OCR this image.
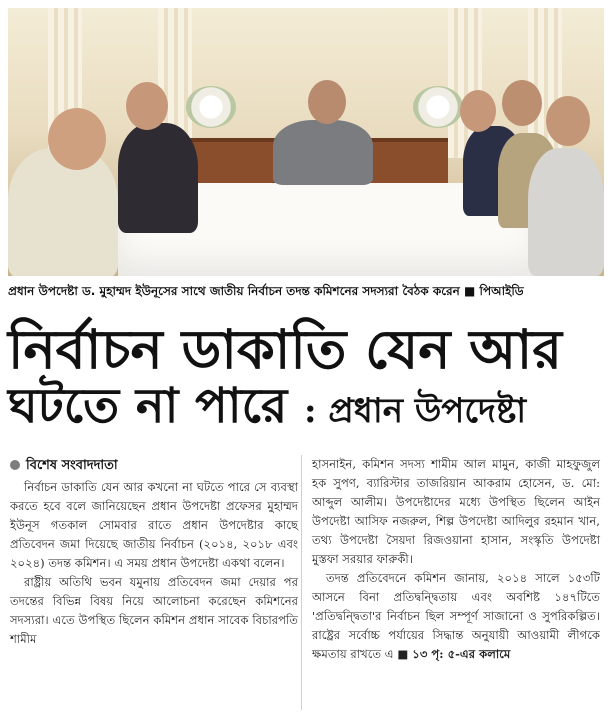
প্রধান উপদেষ্টা ড. মুহাম্মদ ইউনূসের সাথে জাতীয় নির্বাচন তদন্ত কমিশনের সদস্যরা বৈঠক করেন ■ পিআইডি
নির্বাচন ডাকাতি যেন আর
ঘটতে না পারে : প্রধান উপদেষ্টা
বিশেষ সংবাদদাতা

নির্বাচন ডাকাতি যেন আর কখনো না ঘটতে পারে সে ব্যবস্থা করতে হবে বলে জানিয়েছেন প্রধান উপদেষ্টা প্রফেসর মুহাম্মদ ইউনূস গতকাল সোমবার রাতে প্রধান উপদেষ্টার কাছে প্রতিবেদন জমা দিয়েছে জাতীয় নির্বাচন (২০১৪, ২০১৮ এবং ২০২৪) তদন্ত কমিশন। এ সময় প্রধান উপদেষ্টা একথা বলেন।

রাষ্ট্রীয় অতিথি ভবন যমুনায় প্রতিবেদন জমা দেয়ার পর তদন্তের বিভিন্ন বিষয় নিয়ে আলোচনা করেছেন কমিশনের সদস্যরা। এতে উপস্থিত ছিলেন কমিশন প্রধান সাবেক বিচারপতি শামীম

হাসনাইন, কমিশন সদস্য শামীম আল মামুন, কাজী মাহফুজুল হক সুপণ, ব্যারিস্টার তাজরিয়ান আকরাম হোসেন, ড. মো: আব্দুল আলীম। উপদেষ্টাদের মধ্যে উপস্থিত ছিলেন আইন উপদেষ্টা আসিফ নজরুল, শিল্প উপদেষ্টা আদিলুর রহমান খান, তথ্য উপদেষ্টা সৈয়দা রিজওয়ানা হাসান, সংস্কৃতি উপদেষ্টা মুস্তফা সরয়ার ফারুকী।

তদন্ত প্রতিবেদনে কমিশন জানায়, ২০১৪ সালে ১৫৩টি আসনে বিনা প্রতিদ্বন্দ্বিতায় এবং অবশিষ্ট ১৪৭টিতে 'প্রতিদ্বন্দ্বিতা'র নির্বাচন ছিল সম্পূর্ণ সাজানো ও সুপরিকল্পিত। রাষ্ট্রের সর্বোচ্চ পর্যায়ের সিদ্ধান্ত অনুযায়ী আওয়ামী লীগকে ক্ষমতায় রাখতে এ ■ ১৩ পৃ: ৫-এর কলামে
